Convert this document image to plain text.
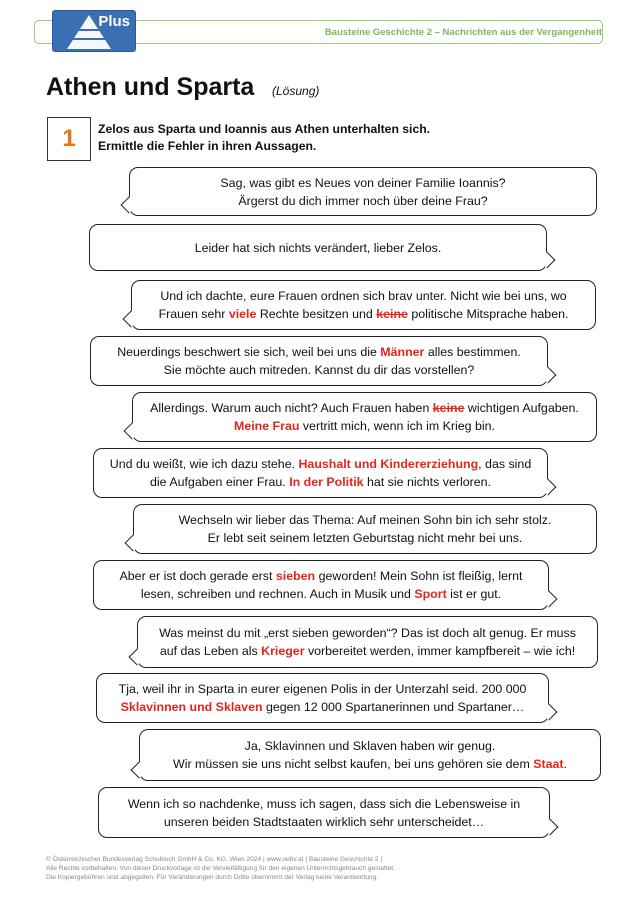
Plus
Bausteine Geschichte 2 – Nachrichten aus der Vergangenheit
Athen und Sparta (Lösung)
1	Zelos aus Sparta und Ioannis aus Athen unterhalten sich.
Ermittle die Fehler in ihren Aussagen.
Sag, was gibt es Neues von deiner Familie Ioannis?
Ärgerst du dich immer noch über deine Frau?
Leider hat sich nichts verändert, lieber Zelos.
Und ich dachte, eure Frauen ordnen sich brav unter. Nicht wie bei uns, wo
Frauen sehr viele Rechte besitzen und keine politische Mitsprache haben.
Neuerdings beschwert sie sich, weil bei uns die Männer alles bestimmen.
Sie möchte auch mitreden. Kannst du dir das vorstellen?
Allerdings. Warum auch nicht? Auch Frauen haben keine wichtigen Aufgaben.
Meine Frau vertritt mich, wenn ich im Krieg bin.
Und du weißt, wie ich dazu stehe. Haushalt und Kindererziehung, das sind
die Aufgaben einer Frau. In der Politik hat sie nichts verloren.
Wechseln wir lieber das Thema: Auf meinen Sohn bin ich sehr stolz.
Er lebt seit seinem letzten Geburtstag nicht mehr bei uns.
Aber er ist doch gerade erst sieben geworden! Mein Sohn ist fleißig, lernt
lesen, schreiben und rechnen. Auch in Musik und Sport ist er gut.
Was meinst du mit „erst sieben geworden“? Das ist doch alt genug. Er muss
auf das Leben als Krieger vorbereitet werden, immer kampfbereit – wie ich!
Tja, weil ihr in Sparta in eurer eigenen Polis in der Unterzahl seid. 200 000
Sklavinnen und Sklaven gegen 12 000 Spartanerinnen und Spartaner…
Ja, Sklavinnen und Sklaven haben wir genug.
Wir müssen sie uns nicht selbst kaufen, bei uns gehören sie dem Staat.
Wenn ich so nachdenke, muss ich sagen, dass sich die Lebensweise in
unseren beiden Stadtstaaten wirklich sehr unterscheidet…
© Österreichischer Bundesverlag Schulbuch GmbH & Co. KG, Wien 2024 | www.oebv.at | Bausteine Geschichte 2 |
Alle Rechte vorbehalten. Von dieser Druckvorlage ist die Vervielfältigung für den eigenen Unterrichtsgebrauch gestattet.
Die Kopiergebühren sind abgegolten. Für Veränderungen durch Dritte übernimmt der Verlag keine Verantwortung.
